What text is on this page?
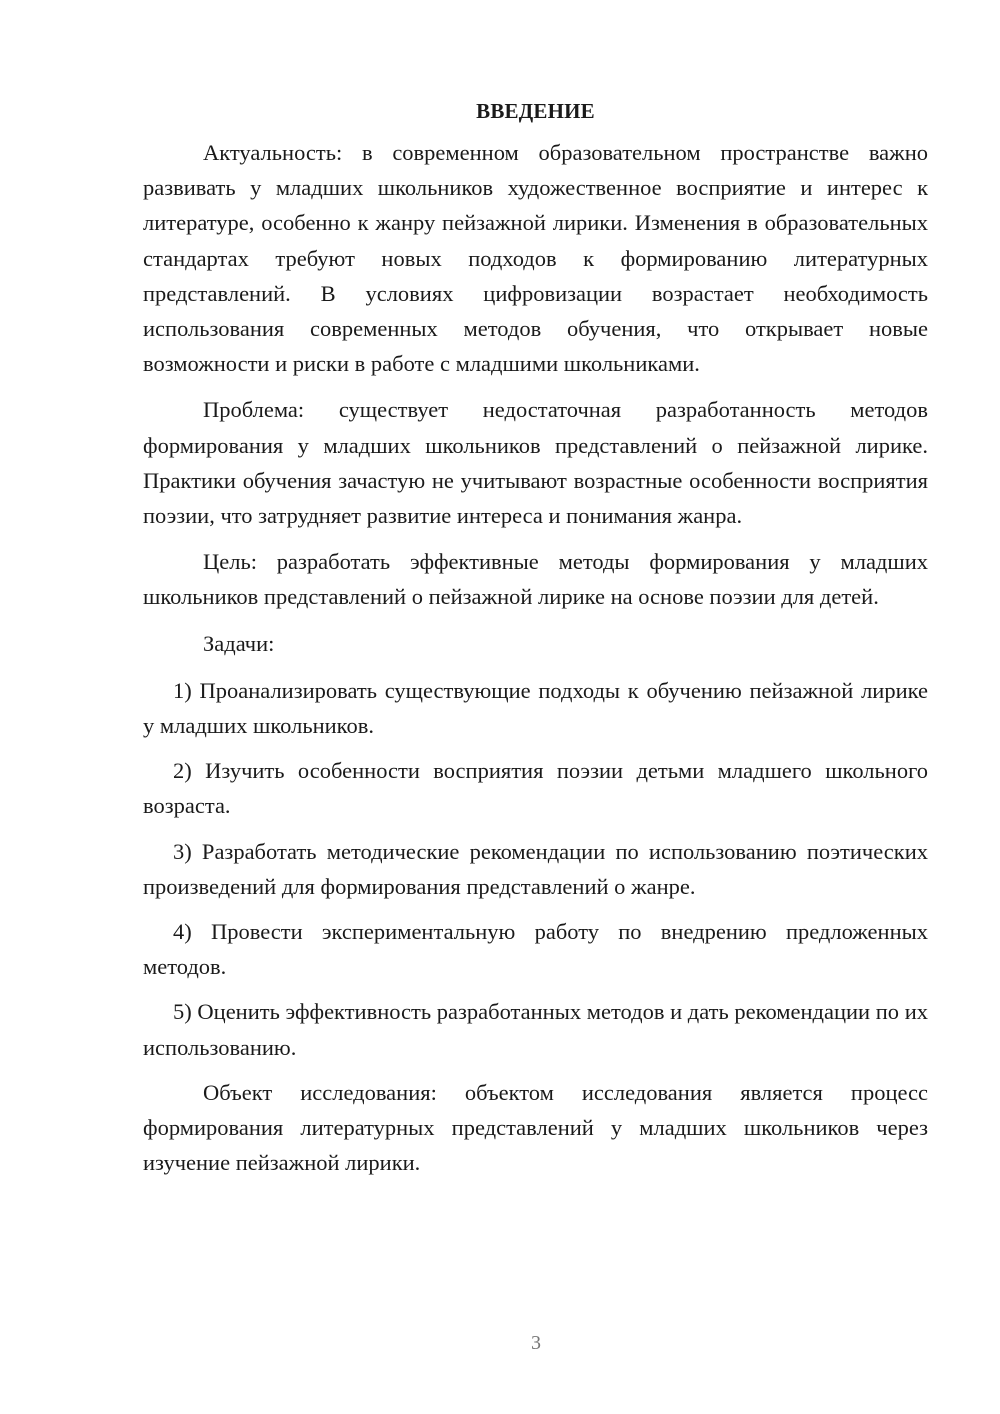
ВВЕДЕНИЕ

Актуальность: в современном образовательном пространстве важно развивать у младших школьников художественное восприятие и интерес к литературе, особенно к жанру пейзажной лирики. Изменения в образовательных стандартах требуют новых подходов к формированию литературных представлений. В условиях цифровизации возрастает необходимость использования современных методов обучения, что открывает новые возможности и риски в работе с младшими школьниками.

Проблема: существует недостаточная разработанность методов формирования у младших школьников представлений о пейзажной лирике. Практики обучения зачастую не учитывают возрастные особенности восприятия поэзии, что затрудняет развитие интереса и понимания жанра.

Цель: разработать эффективные методы формирования у младших школьников представлений о пейзажной лирике на основе поэзии для детей.

Задачи:

1) Проанализировать существующие подходы к обучению пейзажной лирике у младших школьников.

2) Изучить особенности восприятия поэзии детьми младшего школьного возраста.

3) Разработать методические рекомендации по использованию поэтических произведений для формирования представлений о жанре.

4) Провести экспериментальную работу по внедрению предложенных методов.

5) Оценить эффективность разработанных методов и дать рекомендации по их использованию.

Объект исследования: объектом исследования является процесс формирования литературных представлений у младших школьников через изучение пейзажной лирики.

3
